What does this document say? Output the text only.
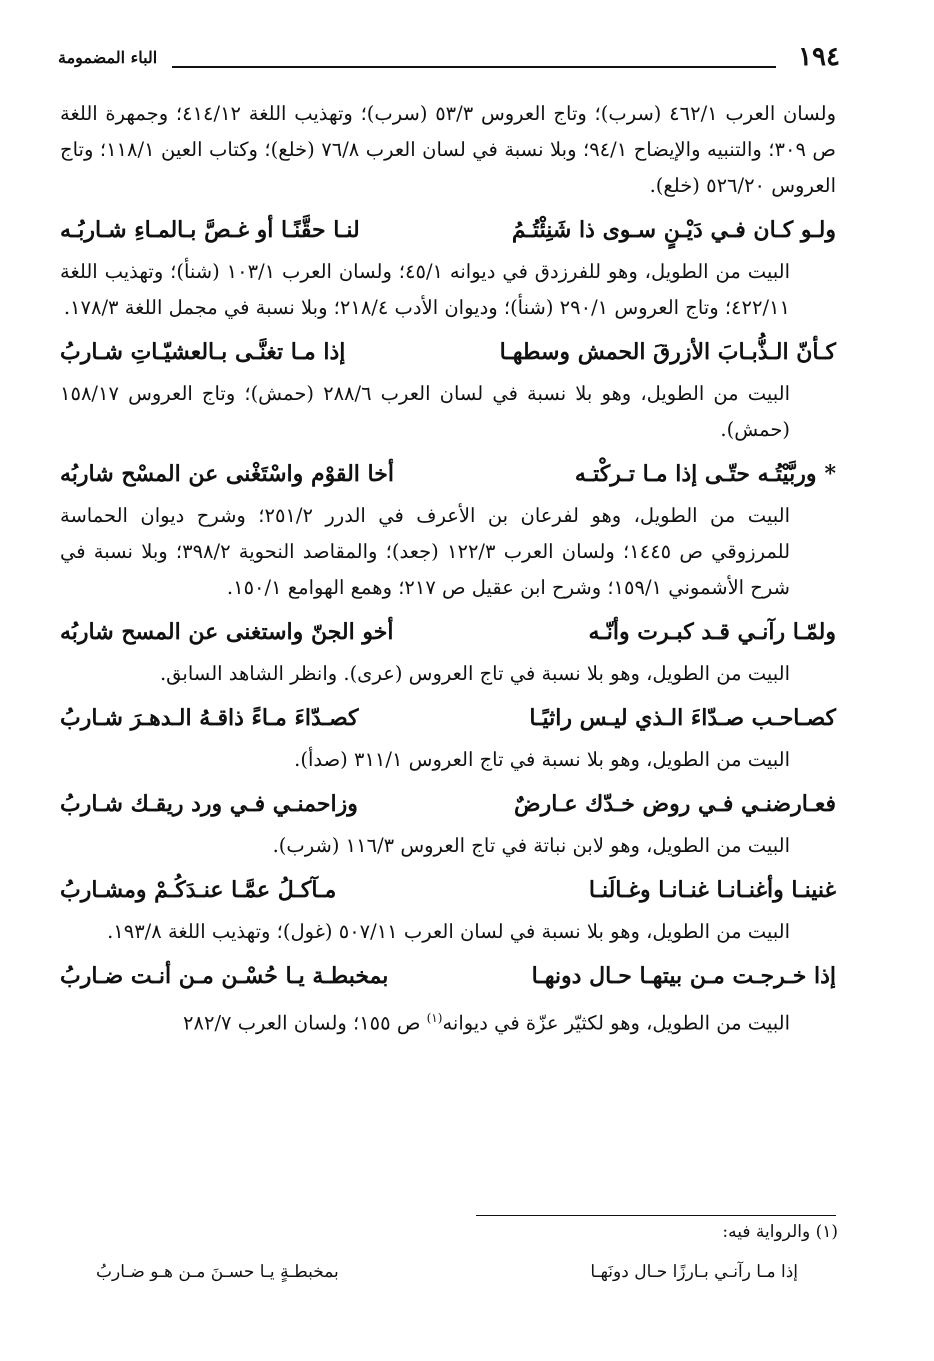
١٩٤
الباء المضمومة

ولسان العرب ٤٦٢/١ (سرب)؛ وتاج العروس ٥٣/٣ (سرب)؛ وتهذيب اللغة ٤١٤/١٢؛ وجمهرة اللغة ص ٣٠٩؛ والتنبيه والإيضاح ٩٤/١؛ وبلا نسبة في لسان العرب ٧٦/٨ (خلع)؛ وكتاب العين ١١٨/١؛ وتاج العروس ٥٢٦/٢٠ (خلع).

ولـو كـان فـي دَيْـنٍ سـوى ذا شَنِئْتُـمُ
لنـا حقَّنًـا أو غـصَّ بـالمـاءِ شـاربُـه

البيت من الطويل، وهو للفرزدق في ديوانه ٤٥/١؛ ولسان العرب ١٠٣/١ (شنأ)؛ وتهذيب اللغة ٤٢٢/١١؛ وتاج العروس ٢٩٠/١ (شنأ)؛ وديوان الأدب ٢١٨/٤؛ وبلا نسبة في مجمل اللغة ١٧٨/٣.

كـأنّ الـذُّبـابَ الأزرقَ الحمش وسطهـا
إذا مـا تغنَّـى بـالعشيّـاتِ شـاربُ

البيت من الطويل، وهو بلا نسبة في لسان العرب ٢٨٨/٦ (حمش)؛ وتاج العروس ١٥٨/١٧ (حمش).

*وربَّيْتُـه حتّـى إذا مـا تـركْتـه
أخا القوْم واسْتَغْنى عن المسْح شاربُه

البيت من الطويل، وهو لفرعان بن الأعرف في الدرر ٢٥١/٢؛ وشرح ديوان الحماسة للمرزوقي ص ١٤٤٥؛ ولسان العرب ١٢٢/٣ (جعد)؛ والمقاصد النحوية ٣٩٨/٢؛ وبلا نسبة في شرح الأشموني ١٥٩/١؛ وشرح ابن عقيل ص ٢١٧؛ وهمع الهوامع ١٥٠/١.

ولمّـا رآنـي قـد كبـرت وأنّـه
أخو الجنّ واستغنى عن المسح شاربُه

البيت من الطويل، وهو بلا نسبة في تاج العروس (عرى). وانظر الشاهد السابق.

كصـاحـب صـدّاءَ الـذي ليـس راثيًـا
كصـدّاءَ مـاءً ذاقـهُ الـدهـرَ شـاربُ

البيت من الطويل، وهو بلا نسبة في تاج العروس ٣١١/١ (صدأ).

فعـارضنـي فـي روض خـدّك عـارضٌ
وزاحمنـي فـي ورد ريقـك شـاربُ

البيت من الطويل، وهو لابن نباتة في تاج العروس ١١٦/٣ (شرب).

غنينـا وأغنـانـا غنـانـا وغـالَنـا
مـآكـلُ عمَّـا عنـدَكُـمْ ومشـاربُ

البيت من الطويل، وهو بلا نسبة في لسان العرب ٥٠٧/١١ (غول)؛ وتهذيب اللغة ١٩٣/٨.

إذا خـرجـت مـن بيتهـا حـال دونهـا
بمخبطـة يـا حُسْـن مـن أنـت ضـاربُ

البيت من الطويل، وهو لكثيّر عزّة في ديوانه$^{(١)}$ ص ١٥٥؛ ولسان العرب ٢٨٢/٧

(١) والرواية فيه:
إذا مـا رآنـي بـارزًا حـال دونَهـا
بمخبطـةٍ يـا حسـنَ مـن هـو ضـاربُ
